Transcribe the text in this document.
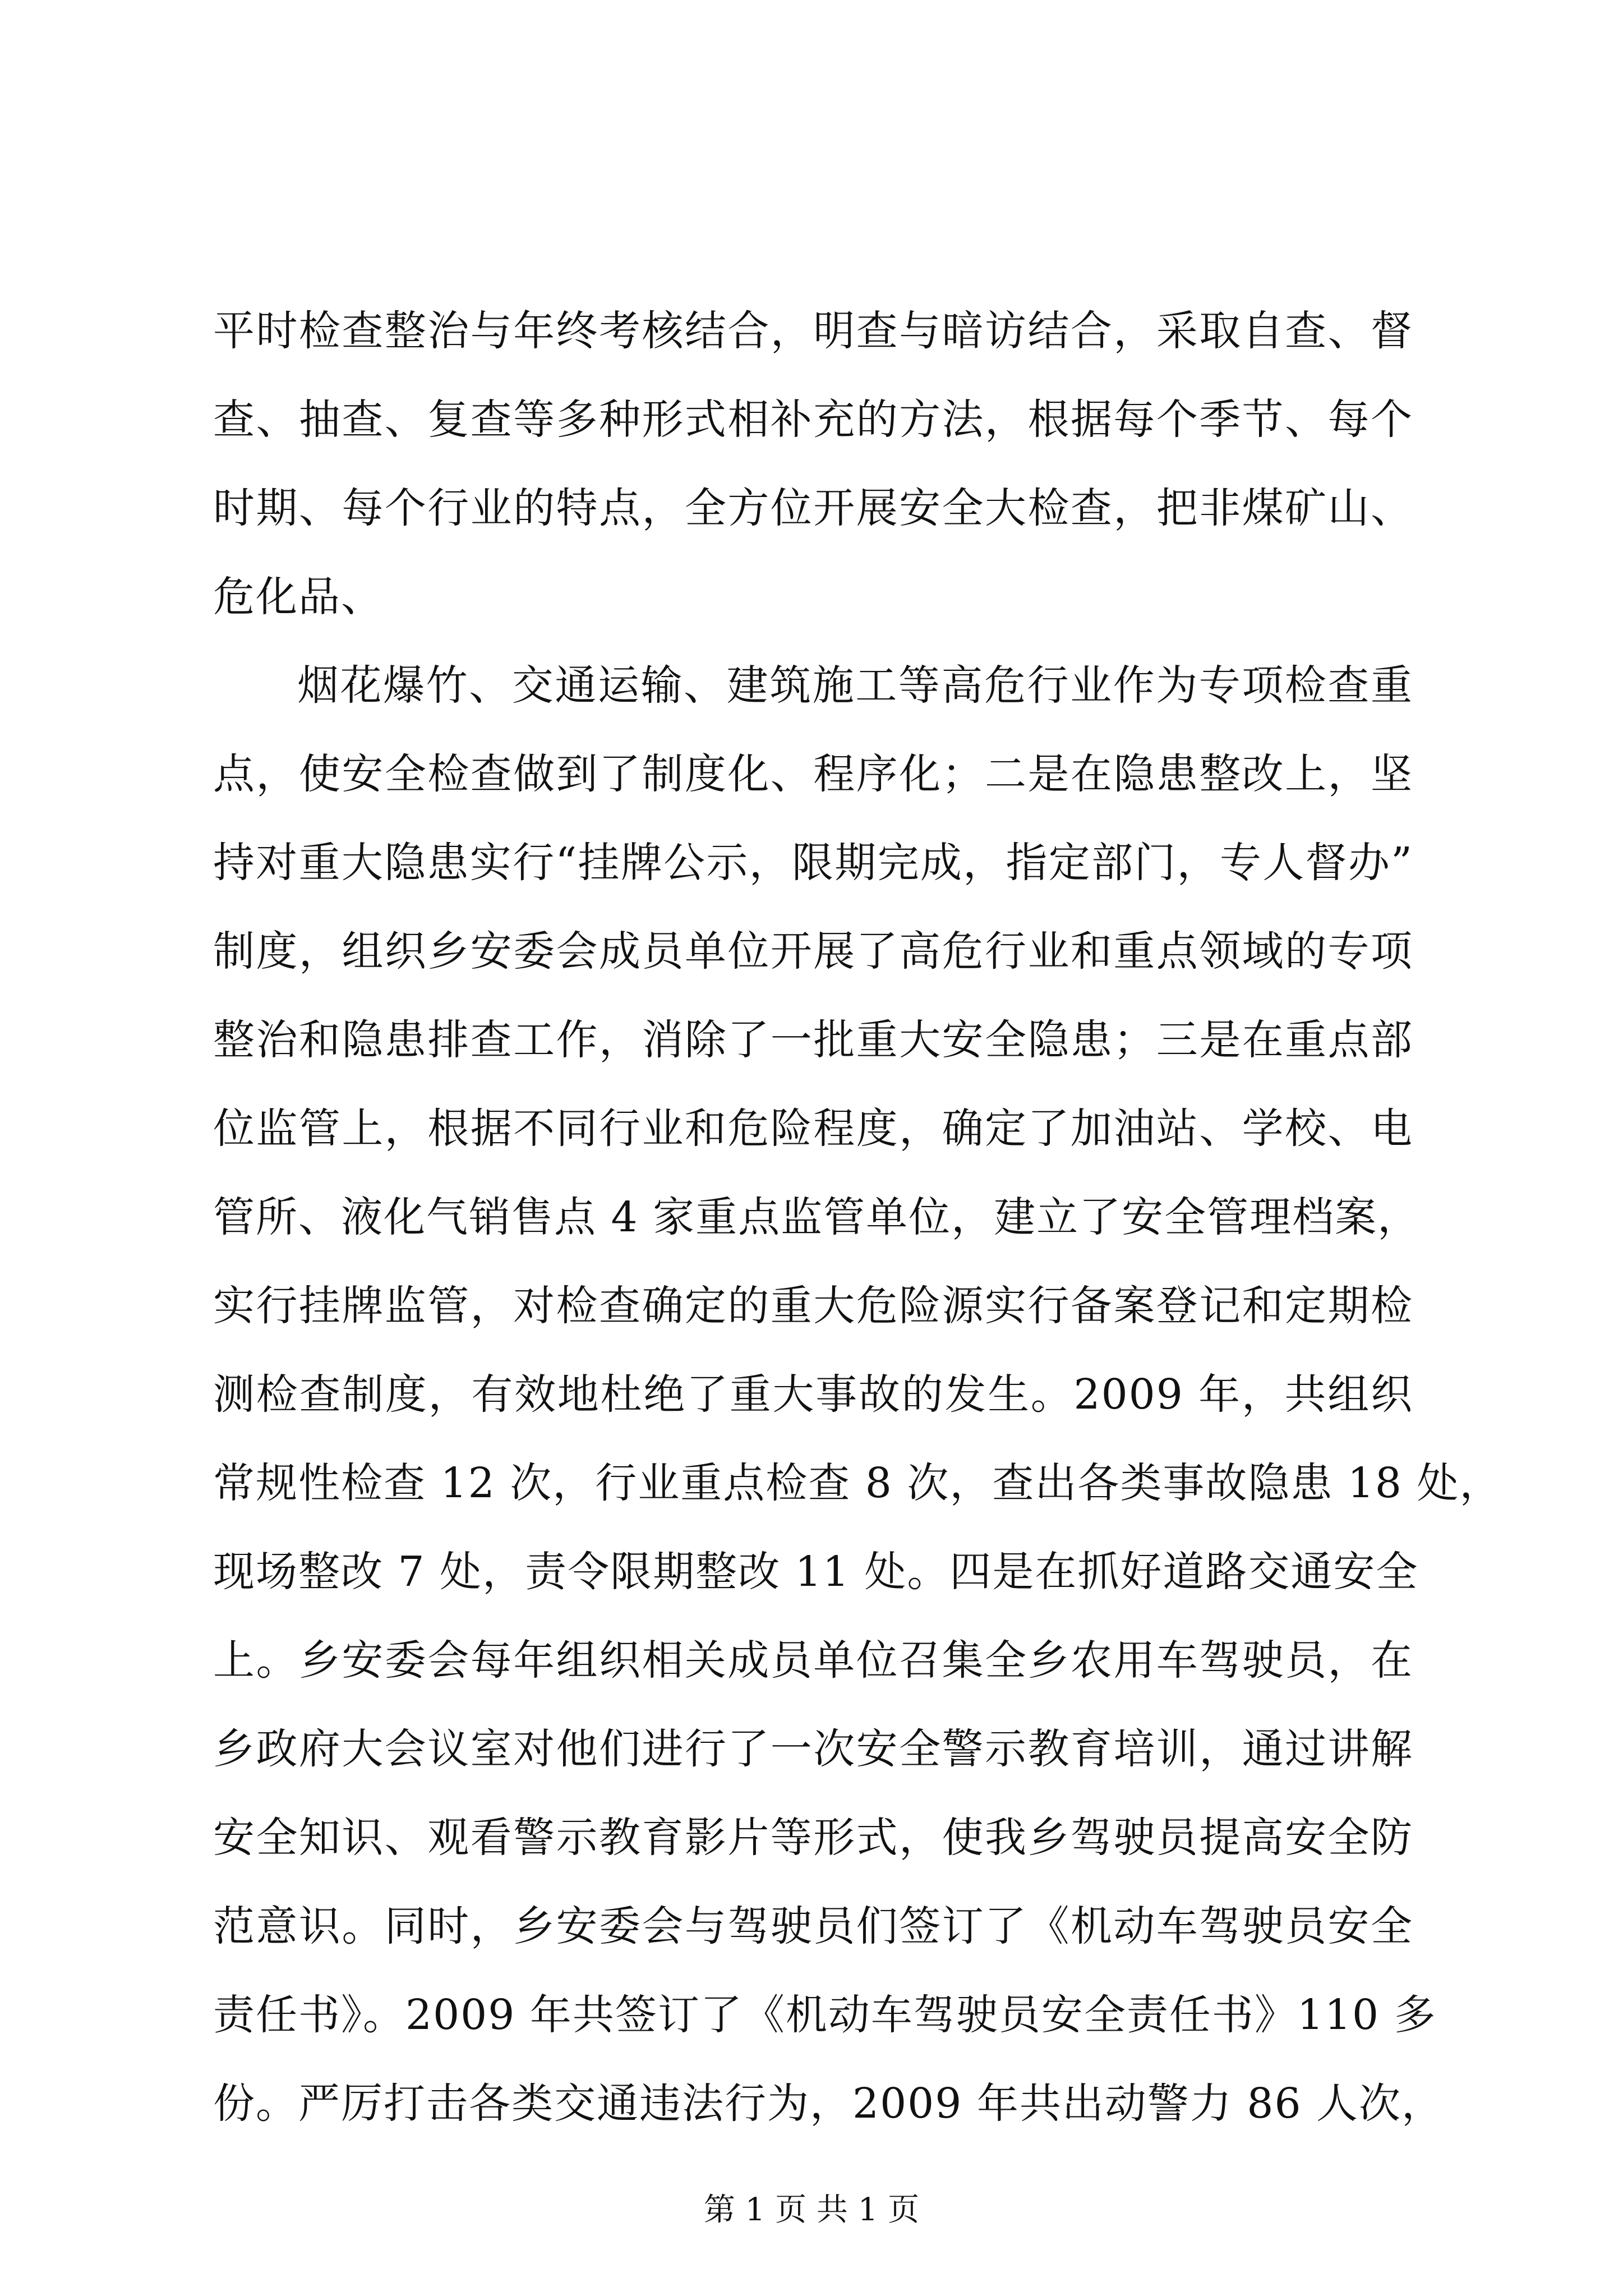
平时检查整治与年终考核结合，明查与暗访结合，采取自查、督
查、抽查、复查等多种形式相补充的方法，根据每个季节、每个
时期、每个行业的特点，全方位开展安全大检查，把非煤矿山、
危化品、
烟花爆竹、交通运输、建筑施工等高危行业作为专项检查重
点，使安全检查做到了制度化、程序化；二是在隐患整改上，坚
持对重大隐患实行“挂牌公示，限期完成，指定部门，专人督办”
制度，组织乡安委会成员单位开展了高危行业和重点领域的专项
整治和隐患排查工作，消除了一批重大安全隐患；三是在重点部
位监管上，根据不同行业和危险程度，确定了加油站、学校、电
管所、液化气销售点 4 家重点监管单位，建立了安全管理档案，
实行挂牌监管，对检查确定的重大危险源实行备案登记和定期检
测检查制度，有效地杜绝了重大事故的发生。2009 年，共组织
常规性检查 12 次，行业重点检查 8 次，查出各类事故隐患 18 处，
现场整改 7 处，责令限期整改 11 处。四是在抓好道路交通安全
上。乡安委会每年组织相关成员单位召集全乡农用车驾驶员，在
乡政府大会议室对他们进行了一次安全警示教育培训，通过讲解
安全知识、观看警示教育影片等形式，使我乡驾驶员提高安全防
范意识。同时，乡安委会与驾驶员们签订了《机动车驾驶员安全
责任书》。2009 年共签订了《机动车驾驶员安全责任书》110 多
份。严厉打击各类交通违法行为，2009 年共出动警力 86 人次，
第 1 页 共 1 页
